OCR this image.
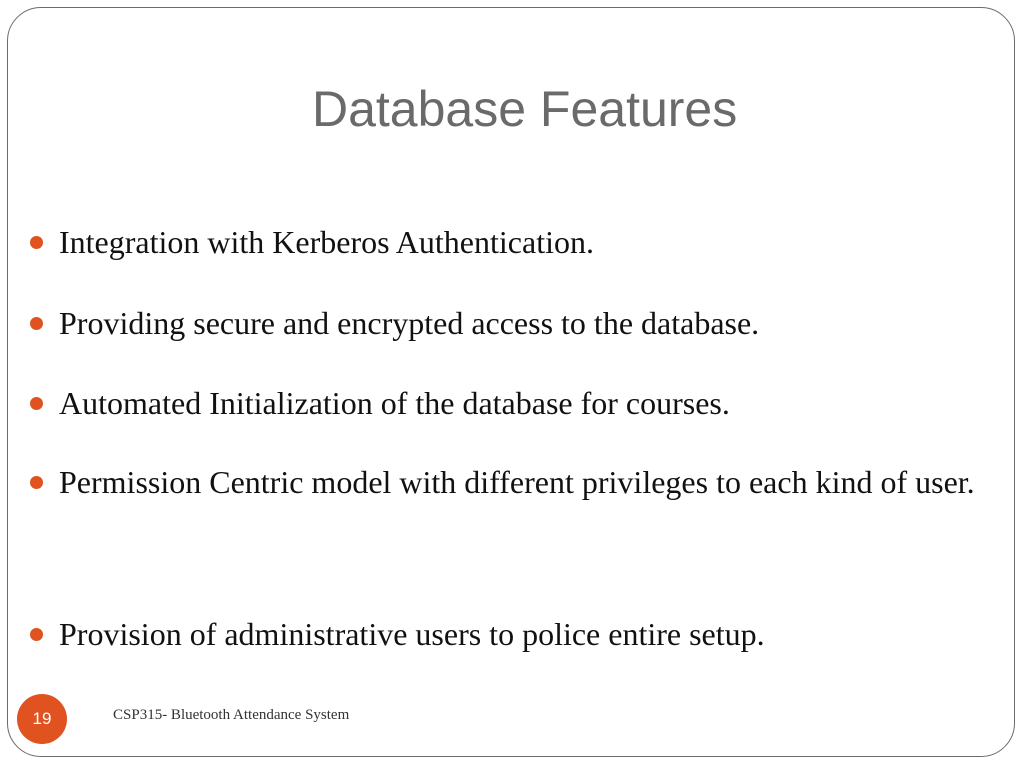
Database Features
Integration with Kerberos Authentication.
Providing secure and encrypted access to the database.
Automated Initialization of the database for courses.
Permission Centric model with different privileges to each kind of user.
Provision of administrative users to police entire setup.
19	CSP315- Bluetooth Attendance System
